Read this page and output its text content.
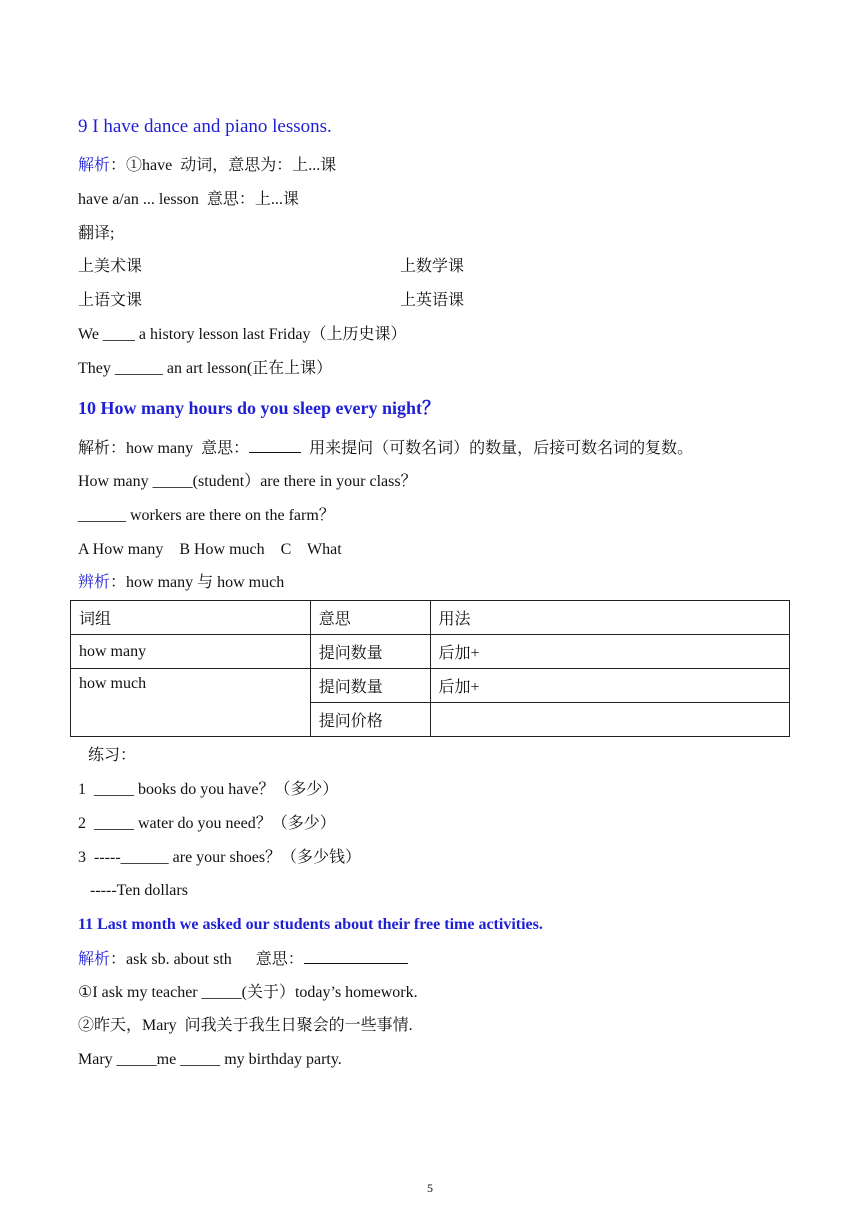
9 I have dance and piano lessons.
解析：①have  动词，意思为：上...课
have a/an ... lesson  意思：上...课
翻译;
上美术课	上数学课
上语文课	上英语课
We ____ a history lesson last Friday（上历史课）
They ______ an art lesson(正在上课）
10 How many hours do you sleep every night？
解析：how many  意思：	用来提问（可数名词）的数量，后接可数名词的复数。
How many _____(student）are there in your class？
______ workers are there on the farm？
A How many    B How much    C    What
辨析：how many 与 how much
词组	意思	用法
how many	提问数量	后加+
how much	提问数量	后加+
	提问价格	
练习：
1  _____ books do you have？（多少）
2  _____ water do you need？（多少）
3  -----______ are your shoes？（多少钱）
-----Ten dollars
11 Last month we asked our students about their free time activities.
解析：ask sb. about sth      意思：
①I ask my teacher _____(关于）today’s homework.
②昨天，Mary  问我关于我生日聚会的一些事情.
Mary _____me _____ my birthday party.
5
